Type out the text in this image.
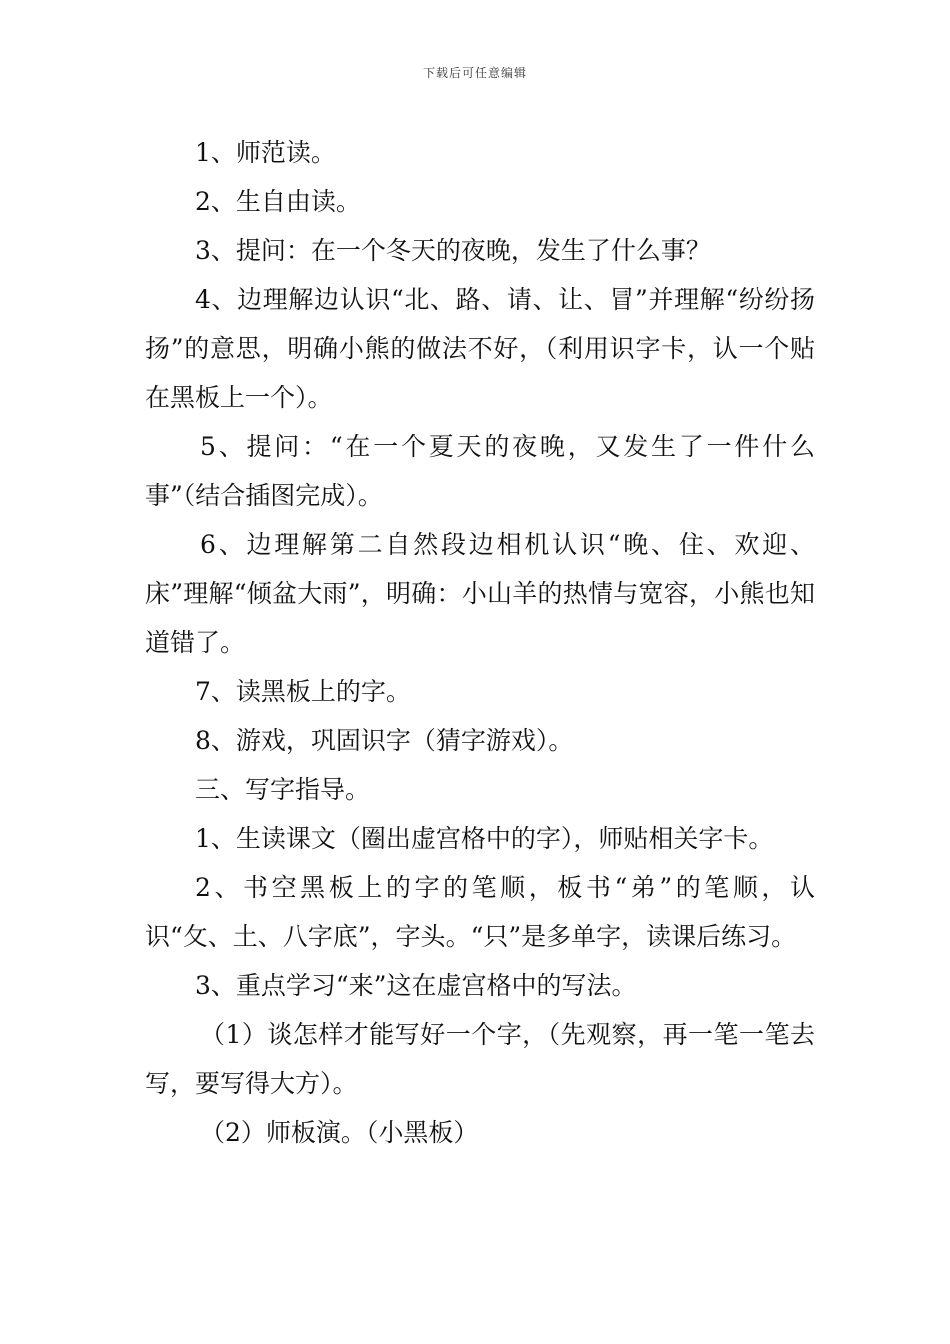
下载后可任意编辑

1、师范读。

2、生自由读。

3、提问：在一个冬天的夜晚，发生了什么事？

4、边理解边认识“北、路、请、让、冒”并理解“纷纷扬扬”的意思，明确小熊的做法不好，（利用识字卡，认一个贴在黑板上一个）。

5、提问：“在一个夏天的夜晚，又发生了一件什么事”（结合插图完成）。

6、边理解第二自然段边相机认识“晚、住、欢迎、床”理解“倾盆大雨”，明确：小山羊的热情与宽容，小熊也知道错了。

7、读黑板上的字。

8、游戏，巩固识字（猜字游戏）。

三、写字指导。

1、生读课文（圈出虚宫格中的字），师贴相关字卡。

2、书空黑板上的字的笔顺，板书“弟”的笔顺，认识“攵、土、八字底”，字头。“只”是多单字，读课后练习。

3、重点学习“来”这在虚宫格中的写法。

（1）谈怎样才能写好一个字，（先观察，再一笔一笔去写，要写得大方）。

（2）师板演。（小黑板）
